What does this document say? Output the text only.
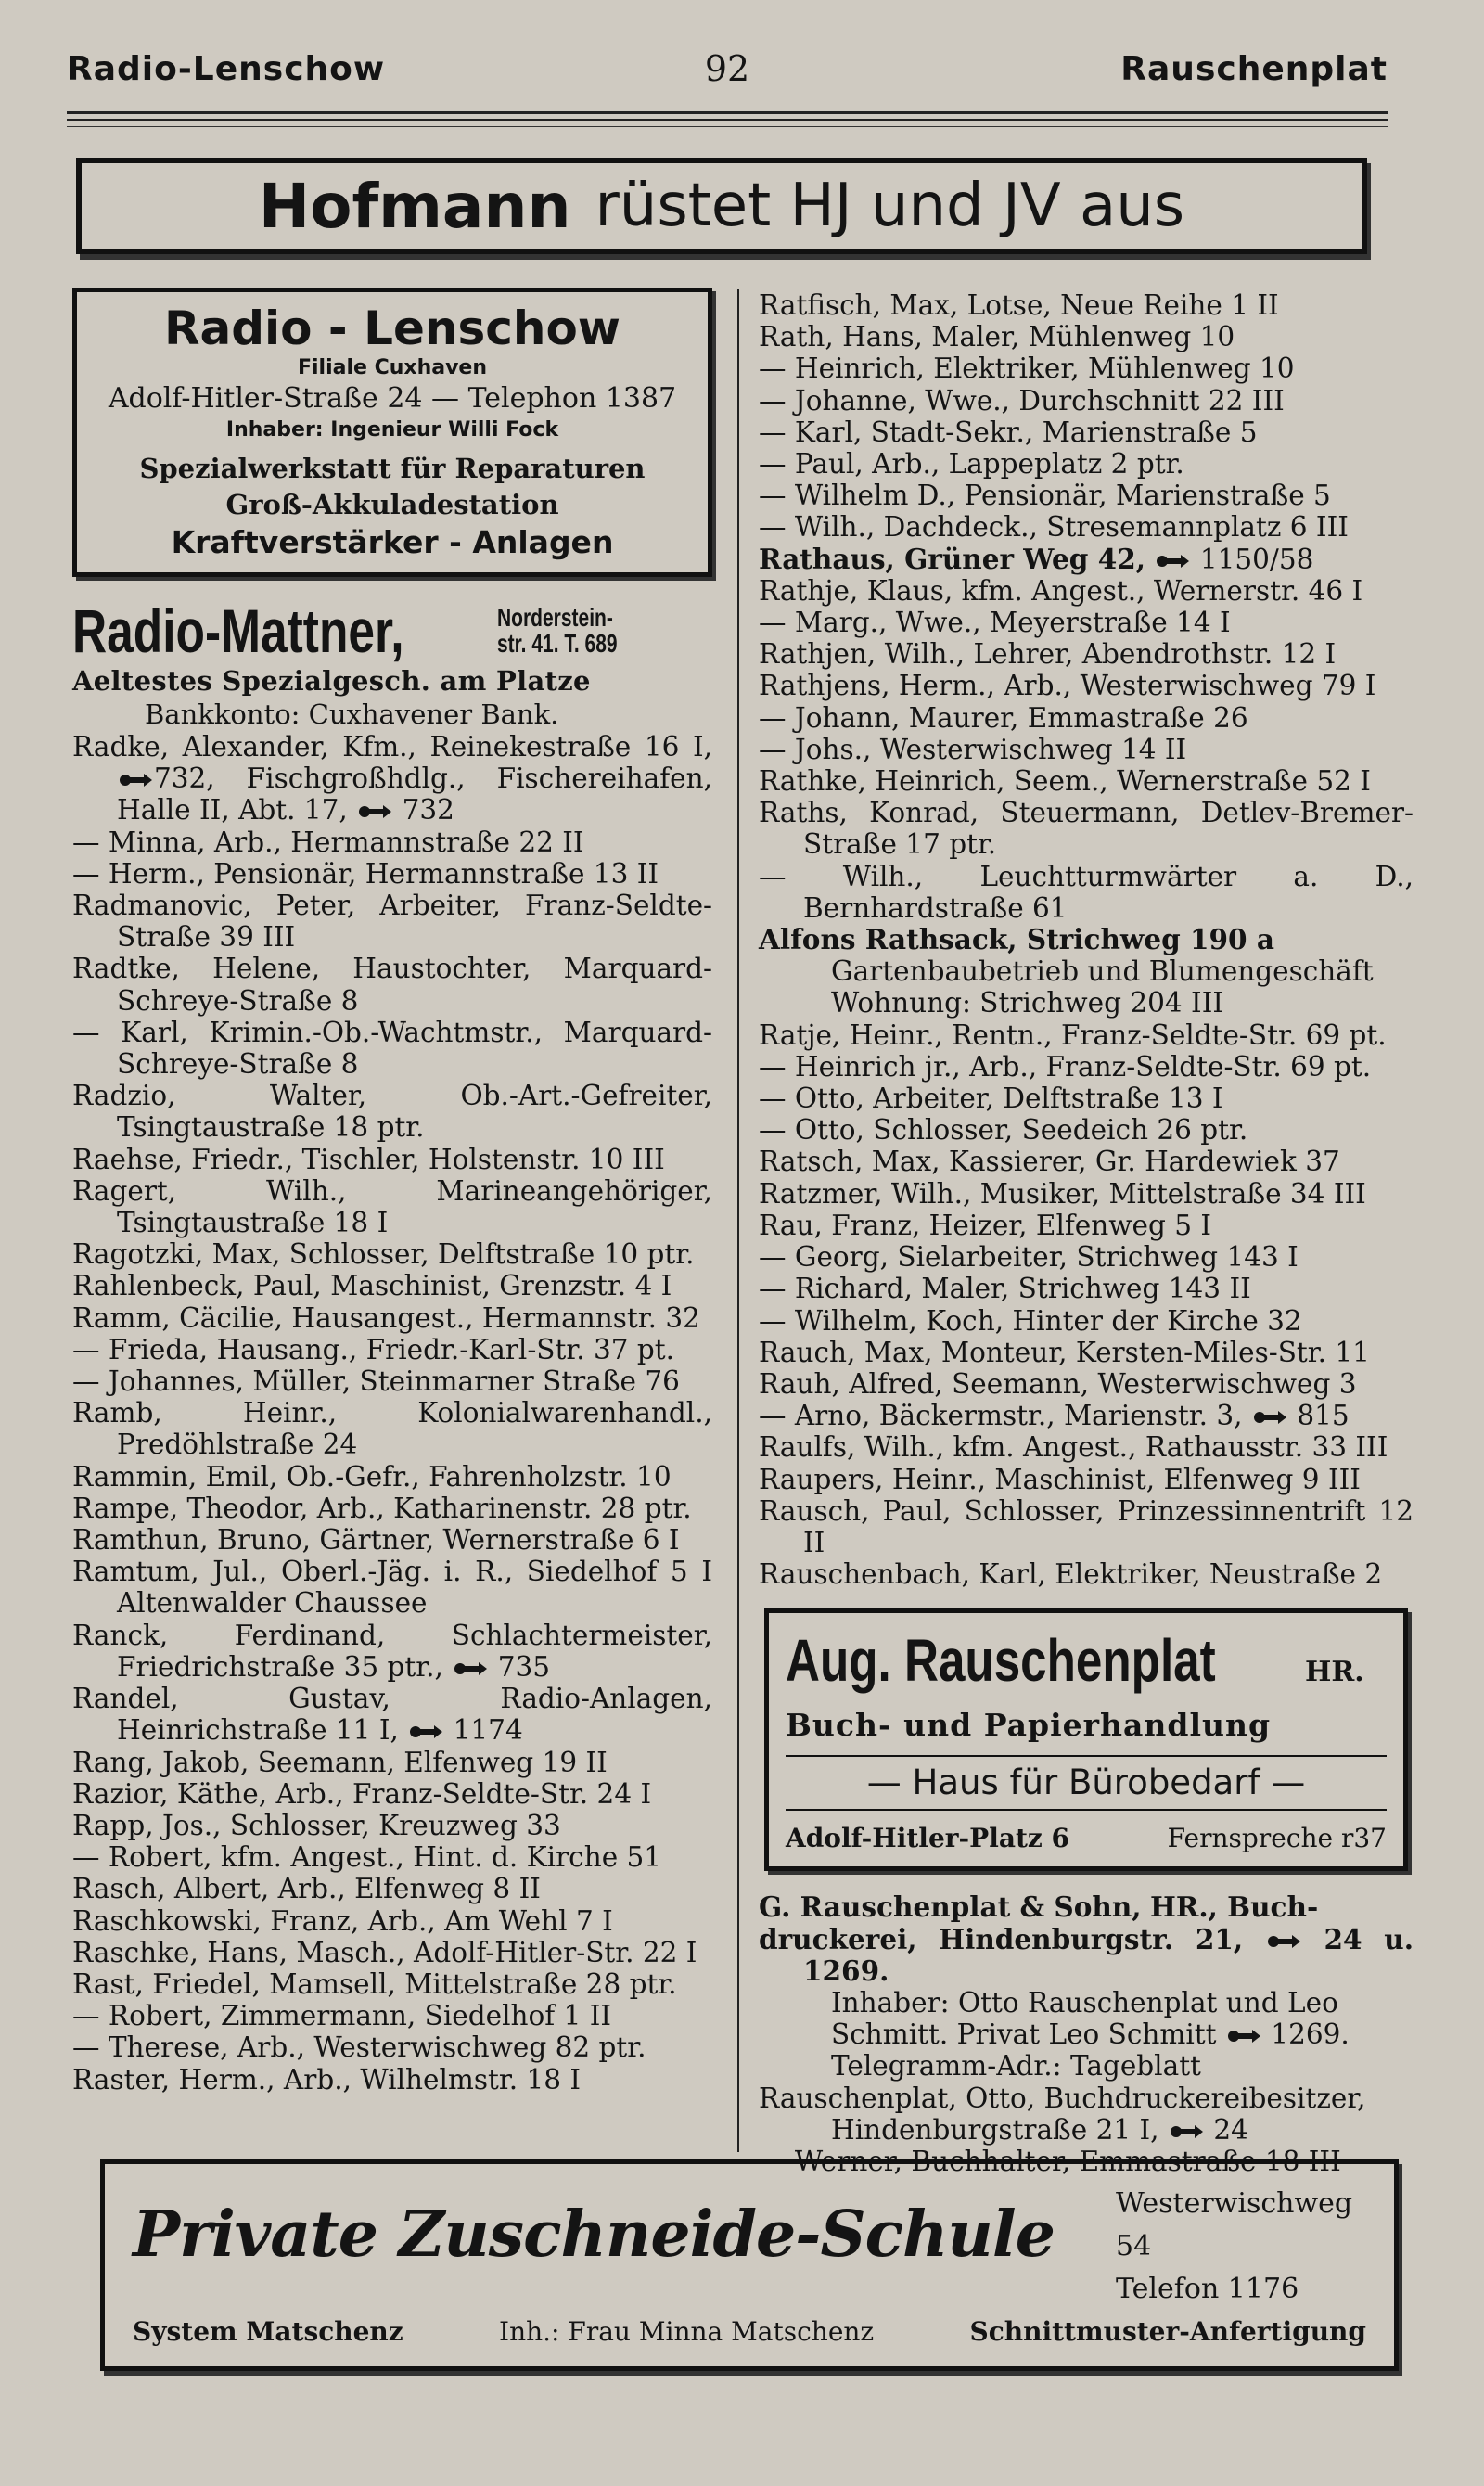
Radio-Lenschow	92	Rauschenplat
Hofmann rüstet HJ und JV aus
Radio - Lenschow
Filiale Cuxhaven
Adolf-Hitler-Straße 24 — Telephon 1387
Inhaber: Ingenieur Willi Fock
Spezialwerkstatt für Reparaturen
Groß-Akkuladestation
Kraftverstärker - Anlagen
Radio-Mattner,	Norderstein-
str. 41. T. 689
Aeltestes Spezialgesch. am Platze
Bankkonto: Cuxhavener Bank.
Radke, Alexander, Kfm., Reinekestraße 16 I,
732, Fischgroßhdlg., Fischereihafen, Halle II, Abt. 17, 732
— Minna, Arb., Hermannstraße 22 II
— Herm., Pensionär, Hermannstraße 13 II
Radmanovic, Peter, Arbeiter, Franz-Seldte-Straße 39 III
Radtke, Helene, Haustochter, Marquard-Schreye-Straße 8
— Karl, Krimin.-Ob.-Wachtmstr., Marquard-Schreye-Straße 8
Radzio, Walter, Ob.-Art.-Gefreiter, Tsingtaustraße 18 ptr.
Raehse, Friedr., Tischler, Holstenstr. 10 III
Ragert, Wilh., Marineangehöriger, Tsingtaustraße 18 I
Ragotzki, Max, Schlosser, Delftstraße 10 ptr.
Rahlenbeck, Paul, Maschinist, Grenzstr. 4 I
Ramm, Cäcilie, Hausangest., Hermannstr. 32
— Frieda, Hausang., Friedr.-Karl-Str. 37 pt.
— Johannes, Müller, Steinmarner Straße 76
Ramb, Heinr., Kolonialwarenhandl., Predöhlstraße 24
Rammin, Emil, Ob.-Gefr., Fahrenholzstr. 10
Rampe, Theodor, Arb., Katharinenstr. 28 ptr.
Ramthun, Bruno, Gärtner, Wernerstraße 6 I
Ramtum, Jul., Oberl.-Jäg. i. R., Siedelhof 5 I Altenwalder Chaussee
Ranck, Ferdinand, Schlachtermeister, Friedrichstraße 35 ptr., 735
Randel, Gustav, Radio-Anlagen, Heinrichstraße 11 I, 1174
Rang, Jakob, Seemann, Elfenweg 19 II
Razior, Käthe, Arb., Franz-Seldte-Str. 24 I
Rapp, Jos., Schlosser, Kreuzweg 33
— Robert, kfm. Angest., Hint. d. Kirche 51
Rasch, Albert, Arb., Elfenweg 8 II
Raschkowski, Franz, Arb., Am Wehl 7 I
Raschke, Hans, Masch., Adolf-Hitler-Str. 22 I
Rast, Friedel, Mamsell, Mittelstraße 28 ptr.
— Robert, Zimmermann, Siedelhof 1 II
— Therese, Arb., Westerwischweg 82 ptr.
Raster, Herm., Arb., Wilhelmstr. 18 I
Ratfisch, Max, Lotse, Neue Reihe 1 II
Rath, Hans, Maler, Mühlenweg 10
— Heinrich, Elektriker, Mühlenweg 10
— Johanne, Wwe., Durchschnitt 22 III
— Karl, Stadt-Sekr., Marienstraße 5
— Paul, Arb., Lappeplatz 2 ptr.
— Wilhelm D., Pensionär, Marienstraße 5
— Wilh., Dachdeck., Stresemannplatz 6 III
Rathaus, Grüner Weg 42, 1150/58
Rathje, Klaus, kfm. Angest., Wernerstr. 46 I
— Marg., Wwe., Meyerstraße 14 I
Rathjen, Wilh., Lehrer, Abendrothstr. 12 I
Rathjens, Herm., Arb., Westerwischweg 79 I
— Johann, Maurer, Emmastraße 26
— Johs., Westerwischweg 14 II
Rathke, Heinrich, Seem., Wernerstraße 52 I
Raths, Konrad, Steuermann, Detlev-Bremer-Straße 17 ptr.
— Wilh., Leuchtturmwärter a. D., Bernhardstraße 61
Alfons Rathsack, Strichweg 190 a
Gartenbaubetrieb und Blumengeschäft
Wohnung: Strichweg 204 III
Ratje, Heinr., Rentn., Franz-Seldte-Str. 69 pt.
— Heinrich jr., Arb., Franz-Seldte-Str. 69 pt.
— Otto, Arbeiter, Delftstraße 13 I
— Otto, Schlosser, Seedeich 26 ptr.
Ratsch, Max, Kassierer, Gr. Hardewiek 37
Ratzmer, Wilh., Musiker, Mittelstraße 34 III
Rau, Franz, Heizer, Elfenweg 5 I
— Georg, Sielarbeiter, Strichweg 143 I
— Richard, Maler, Strichweg 143 II
— Wilhelm, Koch, Hinter der Kirche 32
Rauch, Max, Monteur, Kersten-Miles-Str. 11
Rauh, Alfred, Seemann, Westerwischweg 3
— Arno, Bäckermstr., Marienstr. 3, 815
Raulfs, Wilh., kfm. Angest., Rathausstr. 33 III
Raupers, Heinr., Maschinist, Elfenweg 9 III
Rausch, Paul, Schlosser, Prinzessinnentrift 12 II
Rauschenbach, Karl, Elektriker, Neustraße 2
Aug. Rauschenplat	HR.
Buch- und Papierhandlung
— Haus für Bürobedarf —
Adolf-Hitler-Platz 6	Fernspreche r37
G. Rauschenplat & Sohn, HR., Buch-
druckerei, Hindenburgstr. 21,	24 u. 1269.
Inhaber: Otto Rauschenplat und Leo
Schmitt. Privat Leo Schmitt 1269.
Telegramm-Adr.: Tageblatt
Rauschenplat, Otto, Buchdruckereibesitzer,
Hindenburgstraße 21 I, 24
— Werner, Buchhalter, Emmastraße 18 III
Private Zuschneide-Schule Westerwischweg 54
Telefon 1176
System Matschenz	Inh.: Frau Minna Matschenz	Schnittmuster-Anfertigung
